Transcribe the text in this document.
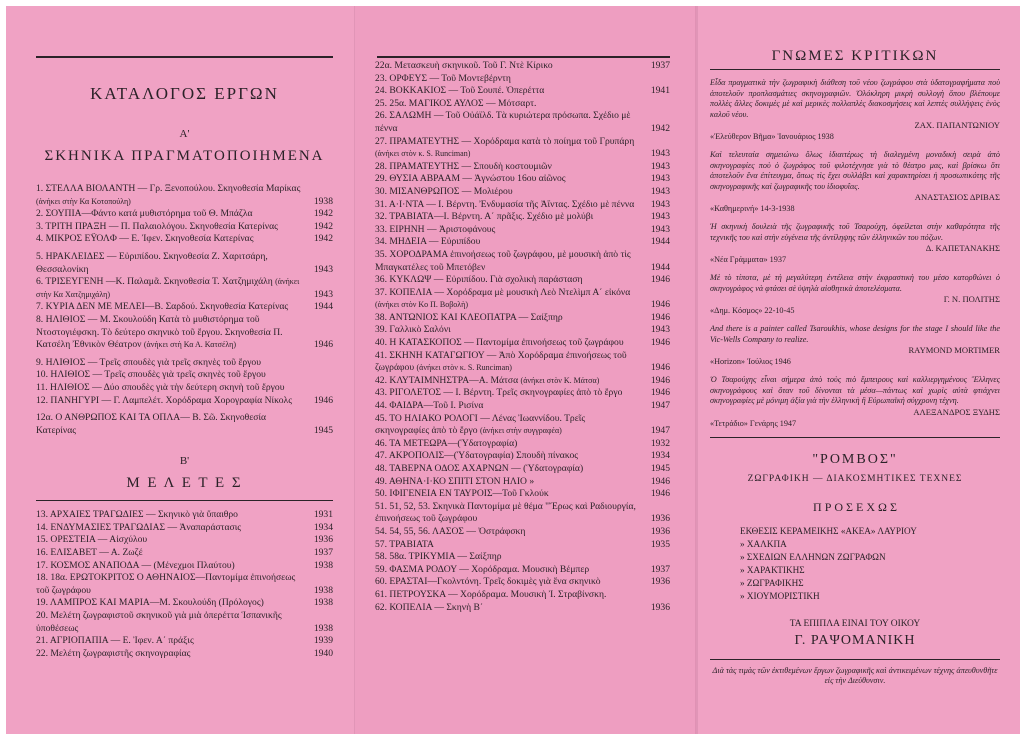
ΚΑΤΑΛΟΓΟΣ ΕΡΓΩΝ
Α'
ΣΚΗΝΙΚΑ ΠΡΑΓΜΑΤΟΠΟΙΗΜΕΝΑ
1. ΣΤΕΛΛΑ ΒΙΟΛΑΝΤΗ — Γρ. Ξενοπούλου. Σκηνοθεσία Μαρίκας (ἀνήκει στὴν Κα Κοτοπούλη)	1938
2. ΣΟΥΠΙΑ—Φάντο κατά μυθιστόρημα τοῦ Θ. Μπάζλα	1942
3. ΤΡΙΤΗ ΠΡΑΞΗ — Π. Παλαιολόγου. Σκηνοθεσία Κατερίνας	1942
4. ΜΙΚΡΟΣ ΕΫΟΛΦ — Ε. Ἰφεν. Σκηνοθεσία Κατερίνας	1942
5. ΗΡΑΚΛΕΙΔΕΣ — Εὐριπίδου. Σκηνοθεσία Ζ. Χαριτσάρη, Θεσσαλονίκη	1943
6. ΤΡΙΣΕΥΓΕΝΗ —Κ. Παλαμᾶ. Σκηνοθεσία Τ. Χατζημιχάλη (ἀνήκει στὴν Κα Χατζημιχάλη)	1943
7. ΚΥΡΙΑ ΔΕΝ ΜΕ ΜΕΛΕΙ—Β. Σαρδού. Σκηνοθεσία Κατερίνας	1944
8. ΗΛΙΘΙΟΣ — Μ. Σκουλούδη Κατὰ τὸ μυθιστόρημα τοῦ Ντοστογιέφσκη. Τὸ δεύτερο σκηνικὸ τοῦ ἔργου. Σκηνοθεσία Π. Κατσέλη Ἐθνικὸν Θέατρον (ἀνήκει στὴ Κα Α. Κατσέλη)	1946
9. ΗΛΙΘΙΟΣ — Τρεῖς σπουδὲς γιὰ τρεῖς σκηνὲς τοῦ ἔργου
10. ΗΛΙΘΙΟΣ — Τρεῖς σπουδὲς γιὰ τρεῖς σκηνὲς τοῦ ἔργου
11. ΗΛΙΘΙΟΣ — Δύο σπουδὲς γιὰ τὴν δεύτερη σκηνὴ τοῦ ἔργου
12. ΠΑΝΗΓΥΡΙ — Γ. Λαμπελέτ. Χορόδραμα Χορογραφία Νίκολς 1946
12α. Ο ΑΝΘΡΩΠΟΣ ΚΑΙ ΤΑ ΟΠΛΑ— Β. Σῶ. Σκηνοθεσία Κατερίνας	1945
Β'
Μ Ε Λ Ε Τ Ε Σ
13. ΑΡΧΑΙΕΣ ΤΡΑΓΩΔΙΕΣ — Σκηνικὸ γιὰ ὕπαιθρο	1931
14. ΕΝΔΥΜΑΣΙΕΣ ΤΡΑΓΩΔΙΑΣ — Ἀναπαράστασις	1934
15. ΟΡΕΣΤΕΙΑ — Αἰσχύλου	1936
16. ΕΛΙΣΑΒΕΤ — Α. Ζωζέ	1937
17. ΚΟΣΜΟΣ ΑΝΑΠΟΔΑ — (Μένεχμοι Πλαύτου)	1938
18. 18α. ΕΡΩΤΟΚΡΙΤΟΣ Ο ΑΘΗΝΑΙΟΣ—Παντομίμα ἐπινοήσεως τοῦ ζωγράφου	1938
19. ΛΑΜΠΡΟΣ ΚΑΙ ΜΑΡΙΑ—Μ. Σκουλούδη (Πρόλογος)	1938
20. Μελέτη ζωγραφιστοῦ σκηνικοῦ γιὰ μιὰ ὀπερέττα Ἱσπανικῆς ὑποθέσεως	1938
21. ΑΓΡΙΟΠΑΠΙΑ — Ε. Ἰφεν. Α΄ πράξις	1939
22. Μελέτη ζωγραφιστῆς σκηνογραφίας	1940
22α. Μετασκευὴ σκηνικοῦ. Τοῦ Γ. Ντὲ Κίρικο	1937
23. ΟΡΦΕΥΣ — Τοῦ Μοντεβέρντη
24. ΒΟΚΚΑΚΙΟΣ — Τοῦ Σουπέ. Ὀπερέττα	1941
25. 25α. ΜΑΓΙΚΟΣ ΑΥΛΟΣ — Μότσαρτ.
26. ΣΑΛΩΜΗ — Τοῦ Οὐάϊλδ. Τὰ κυριώτερα πρόσωπα. Σχέδιο μὲ πέννα	1942
27. ΠΡΑΜΑΤΕΥΤΗΣ — Χορόδραμα κατὰ τὸ ποίημα τοῦ Γρυπάρη (ἀνήκει στὸν κ. S. Runciman)	1943
28. ΠΡΑΜΑΤΕΥΤΗΣ — Σπουδὴ κοστουμιῶν	1943
29. ΘΥΣΙΑ ΑΒΡΑΑΜ — Ἀγνώστου 16ου αἰῶνος	1943
30. ΜΙΣΑΝΘΡΩΠΟΣ — Μολιέρου	1943
31. Α·Ι·ΝΤΑ — Ι. Βέρντη. Ἐνδυμασία τῆς Ἀΐντας. Σχέδιο μὲ πέννα 1943
32. ΤΡΑΒΙΑΤΑ—Ι. Βέρντη. Α΄ πρᾶξις. Σχέδιο μὲ μολύβι	1943
33. ΕΙΡΗΝΗ — Ἀριστοφάνους	1943
34. ΜΗΔΕΙΑ — Εὐριπίδου	1944
35. ΧΟΡΟΔΡΑΜΑ ἐπινοήσεως τοῦ ζωγράφου, μὲ μουσικὴ ἀπὸ τὶς Μπαγκατέλες τοῦ Μπετόβεν	1944
36. ΚΥΚΛΩΨ — Εὐριπίδου. Γιὰ σχολικὴ παράσταση	1946
37. ΚΟΠΕΛΙΑ — Χορόδραμα μὲ μουσικὴ Λεὸ Ντελὶμπ Α΄ εἰκόνα (ἀνήκει στὸν Κο Π. Βοβολὴ)	1946
38. ΑΝΤΩΝΙΟΣ ΚΑΙ ΚΛΕΟΠΑΤΡΑ — Σαίξπηρ	1946
39. Γαλλικὸ Σαλόνι	1943
40. Η ΚΑΤΑΣΚΟΠΟΣ — Παντομίμα ἐπινοήσεως τοῦ ζωγράφου	1946
41. ΣΚΗΝΗ ΚΑΤΑΓΩΓΙΟΥ — Ἀπὸ Χορόδραμα ἐπινοήσεως τοῦ ζωγράφου (ἀνήκει στὸν κ. S. Runciman)	1946
42. ΚΛΥΤΑΙΜΝΗΣΤΡΑ—Α. Μάτσα (ἀνήκει στὸν Κ. Μάτσα)	1946
43. ΡΙΓΟΛΕΤΟΣ — Ι. Βέρντη. Τρεῖς σκηνογραφίες ἀπὸ τὸ ἔργο	1946
44. ΦΑΙΔΡΑ—Τοῦ Ι. Ρισίνα	1947
45. ΤΟ ΗΛΙΑΚΟ ΡΟΛΟΓΙ — Λένας Ἰωαννίδου. Τρεῖς σκηνογραφίες ἀπὸ τὸ ἔργο (ἀνήκει στὴν συγγραφέα)	1947
46. ΤΑ ΜΕΤΕΩΡΑ—(Ὑδατογραφία)	1932
47. ΑΚΡΟΠΟΛΙΣ—(Ὑδατογραφία) Σπουδὴ πίνακος	1934
48. ΤΑΒΕΡΝΑ ΟΔΟΣ ΑΧΑΡΝΩΝ — (Ὑδατογραφία)	1945
49. ΑΘΗΝΑ·Ι·ΚΟ ΣΠΙΤΙ ΣΤΟΝ ΗΛΙΟ »	1946
50. ΙΦΙΓΕΝΕΙΑ ΕΝ ΤΑΥΡΟΙΣ—Τοῦ Γκλούκ	1946
51. 51, 52, 53. Σκηνικὰ Παντομίμα μὲ θέμα "Ἔρως καὶ Ραδιουργία, ἐπινοήσεως τοῦ ζωγράφου	1936
54. 54, 55, 56. ΛΑΣΟΣ — Ὀστράφσκη	1936
57. ΤΡΑΒΙΑΤΑ	1935
58. 58α. ΤΡΙΚΥΜΙΑ — Σαίξπηρ
59. ΦΑΣΜΑ ΡΟΔΟΥ — Χορόδραμα. Μουσικὴ Βέμπερ	1937
60. ΕΡΑΣΤΑΙ—Γκολντόνη. Τρεῖς δοκιμὲς γιὰ ἕνα σκηνικὸ	1936
61. ΠΕΤΡΟΥΣΚΑ — Χορόδραμα. Μουσικὴ Ἰ. Στραβίνσκη.
62. ΚΟΠΕΛΙΑ — Σκηνὴ Β΄	1936
ΓΝΩΜΕΣ ΚΡΙΤΙΚΩΝ
Εἶδα πραγματικὰ τὴν ζωγραφικὴ διάθεση τοῦ νέου ζωγράφου στὰ ὑδατογραφήματα ποὺ ἀποτελοῦν προπλασμάτιες σκηνογραφιῶν. Ὁλόκληρη μικρὴ συλλογὴ ὅπου βλέπουμε πολλὲς ἄλλες δοκιμὲς μὲ καὶ μερικὲς πολλαπλὲς διακοσμήσεις καὶ λεπτὲς συλλήψεις ἑνὸς καλοῦ νέου.
ΖΑΧ. ΠΑΠΑΝΤΩΝΙΟΥ
«Ἐλεύθερον Βῆμα» Ἰανουάριος 1938
Καὶ τελευταία σημειώνω ὅλως ἰδιαιτέρως τὴ διαλεγμένη μοναδικὴ σειρὰ ἀπὸ σκηνογραφίες ποὺ ὁ ζωγράφος τοῦ φιλοτέχνησε γιὰ τὸ θέατρο μας, καὶ βρίσκω ὅτι ἀποτελοῦν ἕνα ἐπίτευγμα, ὅπως τὶς ἔχει συλλάβει καὶ χαρακτηρίσει ἡ προσωπικότης τῆς σκηνογραφικῆς καὶ ζωγραφικῆς του ἰδιοφυΐας.
ΑΝΑΣΤΑΣΙΟΣ ΔΡΙΒΑΣ
«Καθημερινή» 14-3-1938
Ἡ σκηνικὴ δουλειὰ τῆς ζωγραφικῆς τοῦ Τσαρούχη, ὀφείλεται στὴν καθαρότητα τῆς τεχνικῆς του καὶ στὴν εὐγένεια τῆς ἀντίληψης τῶν ἑλληνικῶν του πόζων.
Δ. ΚΑΠΕΤΑΝΑΚΗΣ
«Νέα Γράμματα» 1937
Μὲ τὸ τίποτα, μὲ τὴ μεγαλύτερη ἐντέλεια στὴν ἐκφραστικὴ του μέσο κατορθώνει ὁ σκηνογράφος νὰ φτάσει σὲ ὑψηλὰ αἰσθητικὰ ἀποτελέσματα.
Γ. Ν. ΠΟΛΙΤΗΣ
«Δημ. Κόσμος» 22-10-45
And there is a painter called Tsaroukhis, whose designs for the stage I should like the Vic-Wells Company to realize.
RAYMOND MORTIMER
«Horizon» Ἰούλιος 1946
Ὁ Τσαρούχης εἶναι σήμερα ἀπὸ τοὺς πιὸ ἔμπειρους καὶ καλλιεργημένους Ἕλληνες σκηνογράφους καὶ ὅταν τοῦ δίνονται τὰ μέσα—πάντως καὶ χωρὶς αὐτὰ φτιάχνει σκηνογραφίες μὲ μόνιμη ἀξία γιὰ τὴν ἑλληνικὴ ἢ Εὐρωπαϊκὴ σύγχρονη τέχνη.
ΑΛΕΞΑΝΔΡΟΣ ΞΥΔΗΣ
«Τετράδιο» Γενάρης 1947
"ΡΟΜΒΟΣ"
ΖΩΓΡΑΦΙΚΗ — ΔΙΑΚΟΣΜΗΤΙΚΕΣ ΤΕΧΝΕΣ
Π Ρ Ο Σ Ε Χ Ω Σ
ΕΚΘΕΣΙΣ ΚΕΡΑΜΕΙΚΗΣ «ΑΚΕΑ» ΛΑΥΡΙΟΥ
» ΧΑΛΚΠΑ
» ΣΧΕΔΙΩΝ ΕΛΛΗΝΩΝ ΖΩΓΡΑΦΩΝ
» ΧΑΡΑΚΤΙΚΗΣ
» ΖΩΓΡΑΦΙΚΗΣ
» ΧΙΟΥΜΟΡΙΣΤΙΚΗ
ΤΑ ΕΠΙΠΛΑ ΕΙΝΑΙ ΤΟΥ ΟΙΚΟΥ
Γ. ΡΑΨΟΜΑΝΙΚΗ
Διὰ τὰς τιμὰς τῶν ἐκτιθεμένων ἔργων ζωγραφικῆς καὶ ἀντικειμένων τέχνης ἀπευθυνθῆτε εἰς τὴν Διεύθυνσιν.
